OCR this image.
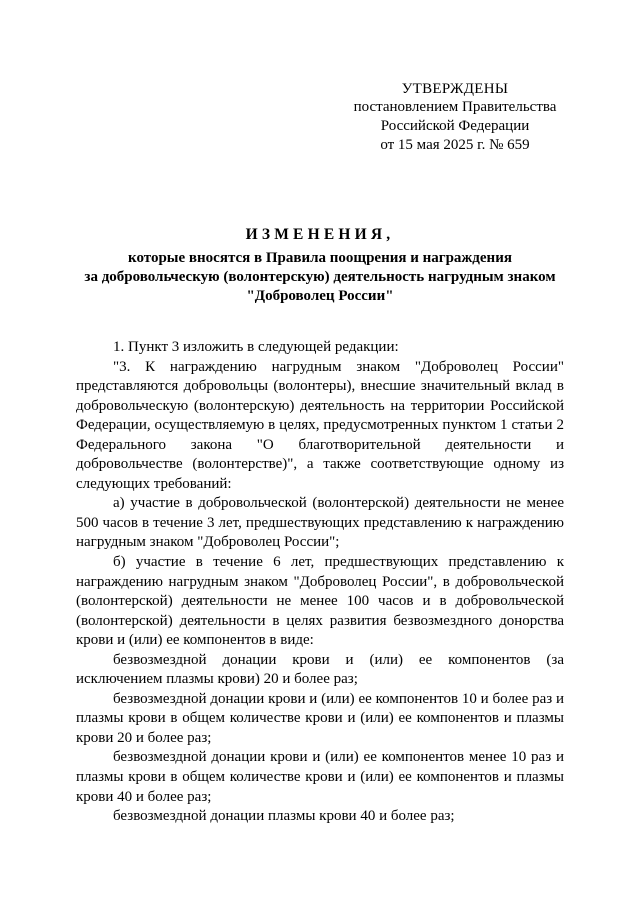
УТВЕРЖДЕНЫ
постановлением Правительства
Российской Федерации
от 15 мая 2025 г. № 659
ИЗМЕНЕНИЯ,
которые вносятся в Правила поощрения и награждения
за добровольческую (волонтерскую) деятельность нагрудным знаком
"Доброволец России"

1. Пункт 3 изложить в следующей редакции:

"3. К награждению нагрудным знаком "Доброволец России" представляются добровольцы (волонтеры), внесшие значительный вклад в добровольческую (волонтерскую) деятельность на территории Российской Федерации, осуществляемую в целях, предусмотренных пунктом 1 статьи 2 Федерального закона "О благотворительной деятельности и добровольчестве (волонтерстве)", а также соответствующие одному из следующих требований:

а) участие в добровольческой (волонтерской) деятельности не менее 500 часов в течение 3 лет, предшествующих представлению к награждению нагрудным знаком "Доброволец России";

б) участие в течение 6 лет, предшествующих представлению к награждению нагрудным знаком "Доброволец России", в добровольческой (волонтерской) деятельности не менее 100 часов и в добровольческой (волонтерской) деятельности в целях развития безвозмездного донорства крови и (или) ее компонентов в виде:

безвозмездной донации крови и (или) ее компонентов (за исключением плазмы крови) 20 и более раз;

безвозмездной донации крови и (или) ее компонентов 10 и более раз и плазмы крови в общем количестве крови и (или) ее компонентов и плазмы крови 20 и более раз;

безвозмездной донации крови и (или) ее компонентов менее 10 раз и плазмы крови в общем количестве крови и (или) ее компонентов и плазмы крови 40 и более раз;

безвозмездной донации плазмы крови 40 и более раз;
